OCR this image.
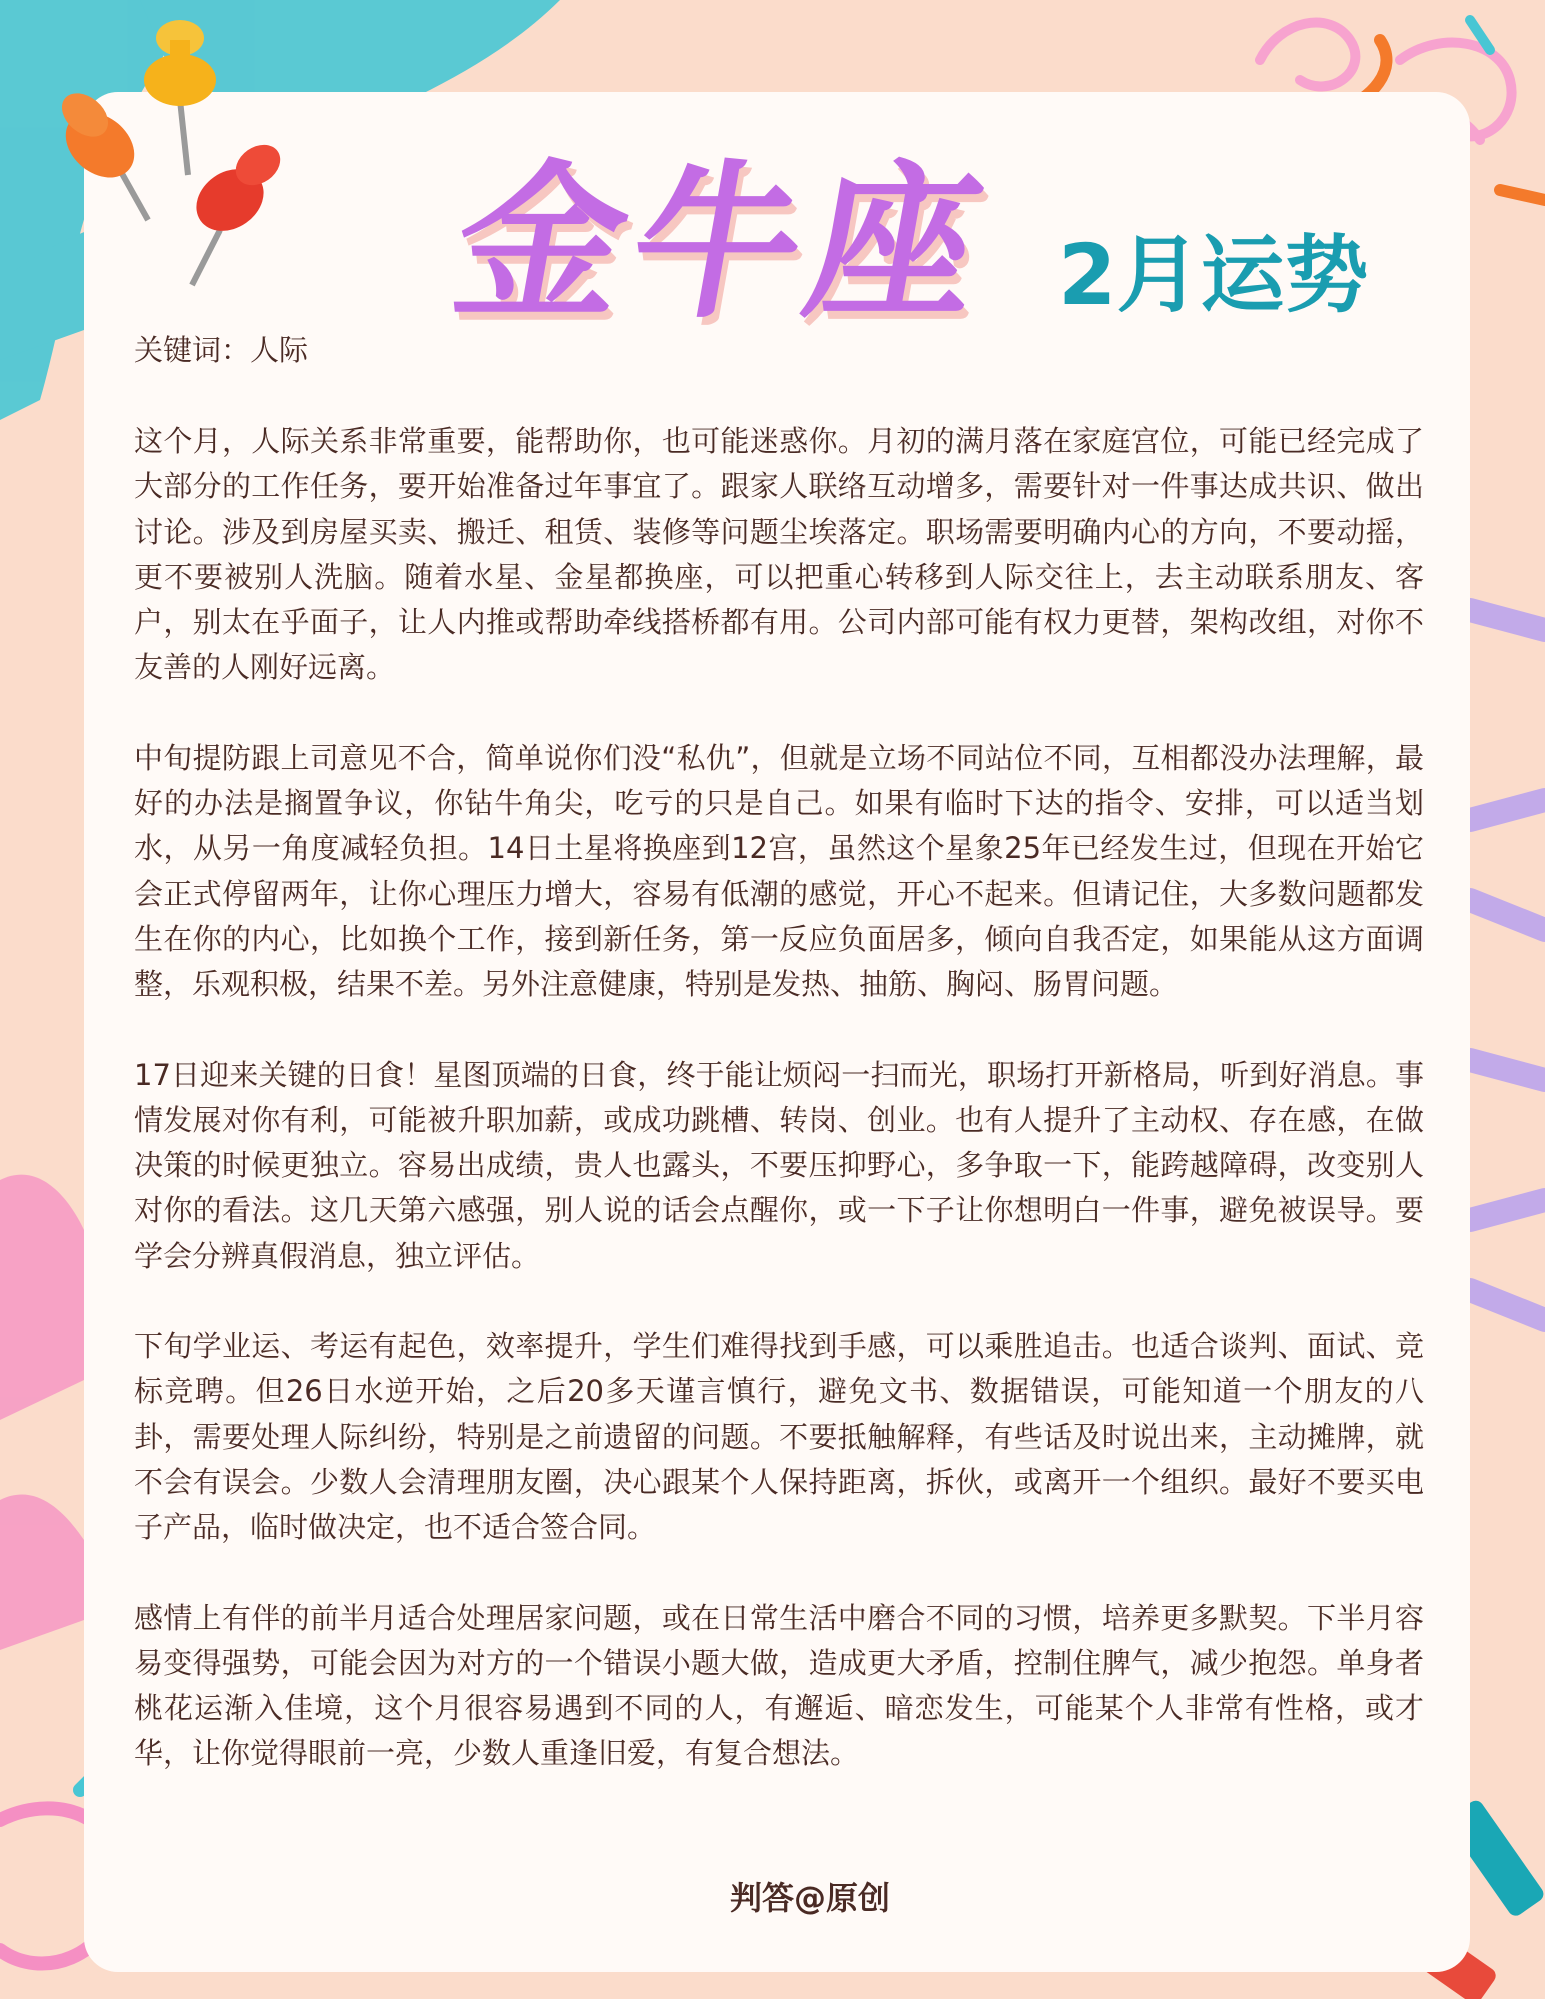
金牛座 2月运势
关键词：人际

这个月，人际关系非常重要，能帮助你，也可能迷惑你。月初的满月落在家庭宫位，可能已经完成了大部分的工作任务，要开始准备过年事宜了。跟家人联络互动增多，需要针对一件事达成共识、做出讨论。涉及到房屋买卖、搬迁、租赁、装修等问题尘埃落定。职场需要明确内心的方向，不要动摇，更不要被别人洗脑。随着水星、金星都换座，可以把重心转移到人际交往上，去主动联系朋友、客户，别太在乎面子，让人内推或帮助牵线搭桥都有用。公司内部可能有权力更替，架构改组，对你不友善的人刚好远离。

中旬提防跟上司意见不合，简单说你们没“私仇”，但就是立场不同站位不同，互相都没办法理解，最好的办法是搁置争议，你钻牛角尖，吃亏的只是自己。如果有临时下达的指令、安排，可以适当划水，从另一角度减轻负担。14日土星将换座到12宫，虽然这个星象25年已经发生过，但现在开始它会正式停留两年，让你心理压力增大，容易有低潮的感觉，开心不起来。但请记住，大多数问题都发生在你的内心，比如换个工作，接到新任务，第一反应负面居多，倾向自我否定，如果能从这方面调整，乐观积极，结果不差。另外注意健康，特别是发热、抽筋、胸闷、肠胃问题。

17日迎来关键的日食！星图顶端的日食，终于能让烦闷一扫而光，职场打开新格局，听到好消息。事情发展对你有利，可能被升职加薪，或成功跳槽、转岗、创业。也有人提升了主动权、存在感，在做决策的时候更独立。容易出成绩，贵人也露头，不要压抑野心，多争取一下，能跨越障碍，改变别人对你的看法。这几天第六感强，别人说的话会点醒你，或一下子让你想明白一件事，避免被误导。要学会分辨真假消息，独立评估。

下旬学业运、考运有起色，效率提升，学生们难得找到手感，可以乘胜追击。也适合谈判、面试、竞标竞聘。但26日水逆开始，之后20多天谨言慎行，避免文书、数据错误，可能知道一个朋友的八卦，需要处理人际纠纷，特别是之前遗留的问题。不要抵触解释，有些话及时说出来，主动摊牌，就不会有误会。少数人会清理朋友圈，决心跟某个人保持距离，拆伙，或离开一个组织。最好不要买电子产品，临时做决定，也不适合签合同。

感情上有伴的前半月适合处理居家问题，或在日常生活中磨合不同的习惯，培养更多默契。下半月容易变得强势，可能会因为对方的一个错误小题大做，造成更大矛盾，控制住脾气，减少抱怨。单身者桃花运渐入佳境，这个月很容易遇到不同的人，有邂逅、暗恋发生，可能某个人非常有性格，或才华，让你觉得眼前一亮，少数人重逢旧爱，有复合想法。

判答@原创
